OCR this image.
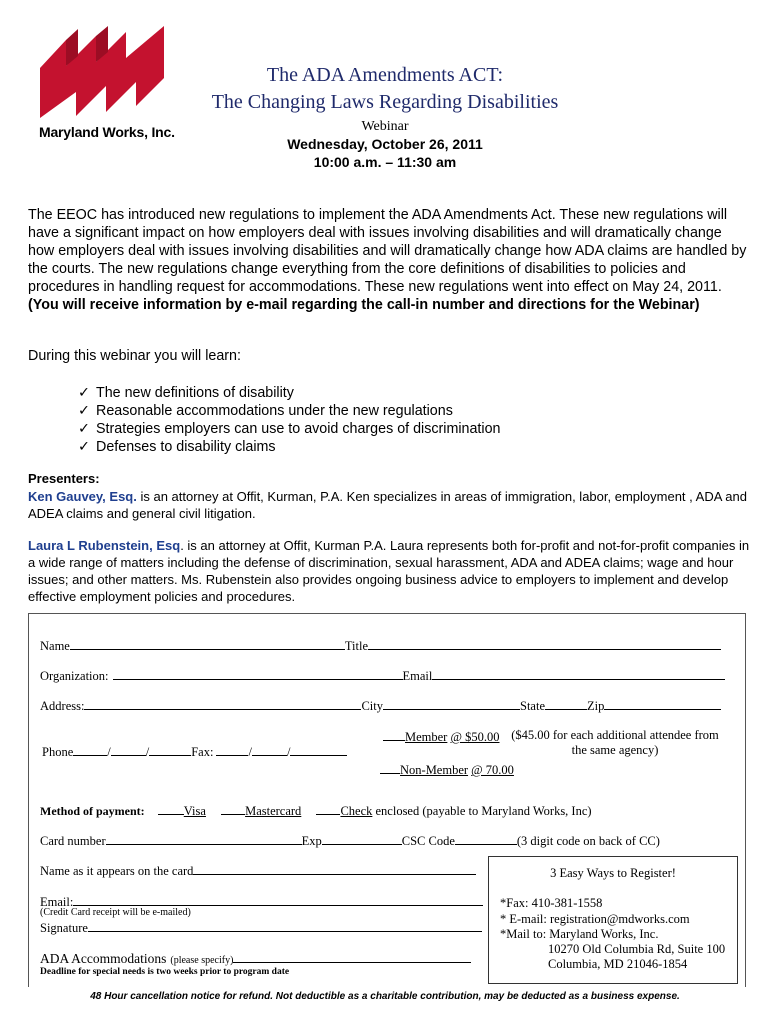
Maryland Works, Inc.
The ADA Amendments ACT:
The Changing Laws Regarding Disabilities
Webinar
Wednesday, October 26, 2011
10:00 a.m. – 11:30 am
The EEOC has introduced new regulations to implement the ADA Amendments Act. These new regulations will have a significant impact on how employers deal with issues involving disabilities and will dramatically change how employers deal with issues involving disabilities and will dramatically change how ADA claims are handled by the courts. The new regulations change everything from the core definitions of disabilities to policies and procedures in handling request for accommodations. These new regulations went into effect on May 24, 2011. (You will receive information by e-mail regarding the call-in number and directions for the Webinar)
During this webinar you will learn:
✓ The new definitions of disability
✓ Reasonable accommodations under the new regulations
✓ Strategies employers can use to avoid charges of discrimination
✓ Defenses to disability claims
Presenters:
Ken Gauvey, Esq. is an attorney at Offit, Kurman, P.A. Ken specializes in areas of immigration, labor, employment , ADA and ADEA claims and general civil litigation.
Laura L Rubenstein, Esq. is an attorney at Offit, Kurman P.A. Laura represents both for-profit and not-for-profit companies in a wide range of matters including the defense of discrimination, sexual harassment, ADA and ADEA claims; wage and hour issues; and other matters. Ms. Rubenstein also provides ongoing business advice to employers to implement and develop effective employment policies and procedures.
Name	Title
Organization:	Email
Address:	City	State	Zip
Phone	/	/	Fax:	/	/
Member @ $50.00 ($45.00 for each additional attendee from the same agency)
Non-Member @ 70.00
Method of payment:	Visa	Mastercard	Check enclosed (payable to Maryland Works, Inc)
Card number	Exp	CSC Code	(3 digit code on back of CC)
Name as it appears on the card
Email:
(Credit Card receipt will be e-mailed)
Signature
ADA Accommodations (please specify)
Deadline for special needs is two weeks prior to program date
3 Easy Ways to Register!
*Fax: 410-381-1558
* E-mail: registration@mdworks.com
*Mail to: Maryland Works, Inc.
10270 Old Columbia Rd, Suite 100
Columbia, MD 21046-1854
48 Hour cancellation notice for refund. Not deductible as a charitable contribution, may be deducted as a business expense.
